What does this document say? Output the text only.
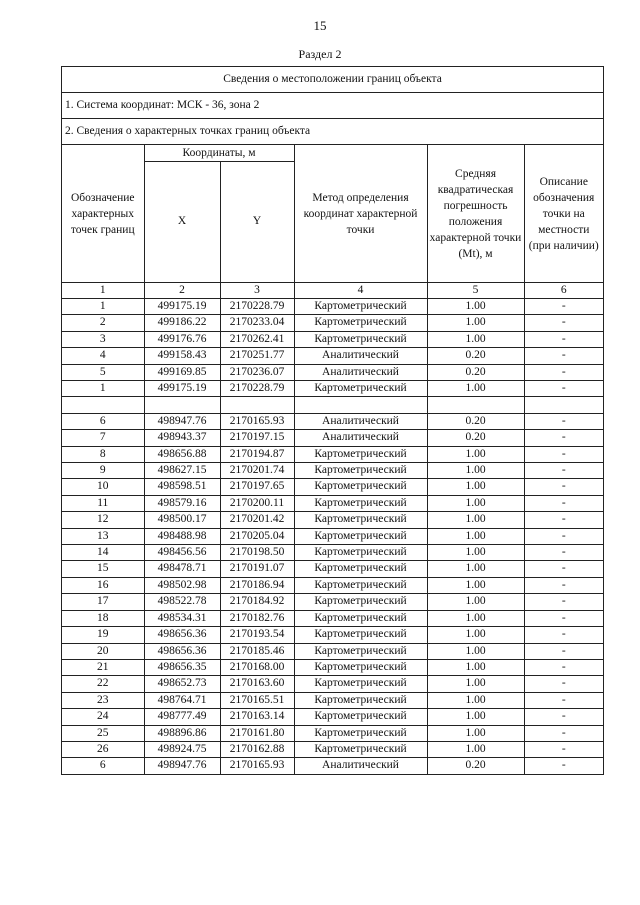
15
Раздел 2
Сведения о местоположении границ объекта
1. Система координат: МСК - 36, зона 2
2. Сведения о характерных точках границ объекта
Обозначение характерных точек границ	Координаты, м		Метод определения координат характерной точки	Средняя квадратическая погрешность положения характерной точки (Mt), м	Описание обозначения точки на местности (при наличии)
	X	Y			
1	2	3	4	5	6
1	499175.19	2170228.79	Картометрический	1.00	-
2	499186.22	2170233.04	Картометрический	1.00	-
3	499176.76	2170262.41	Картометрический	1.00	-
4	499158.43	2170251.77	Аналитический	0.20	-
5	499169.85	2170236.07	Аналитический	0.20	-
1	499175.19	2170228.79	Картометрический	1.00	-

6	498947.76	2170165.93	Аналитический	0.20	-
7	498943.37	2170197.15	Аналитический	0.20	-
8	498656.88	2170194.87	Картометрический	1.00	-
9	498627.15	2170201.74	Картометрический	1.00	-
10	498598.51	2170197.65	Картометрический	1.00	-
11	498579.16	2170200.11	Картометрический	1.00	-
12	498500.17	2170201.42	Картометрический	1.00	-
13	498488.98	2170205.04	Картометрический	1.00	-
14	498456.56	2170198.50	Картометрический	1.00	-
15	498478.71	2170191.07	Картометрический	1.00	-
16	498502.98	2170186.94	Картометрический	1.00	-
17	498522.78	2170184.92	Картометрический	1.00	-
18	498534.31	2170182.76	Картометрический	1.00	-
19	498656.36	2170193.54	Картометрический	1.00	-
20	498656.36	2170185.46	Картометрический	1.00	-
21	498656.35	2170168.00	Картометрический	1.00	-
22	498652.73	2170163.60	Картометрический	1.00	-
23	498764.71	2170165.51	Картометрический	1.00	-
24	498777.49	2170163.14	Картометрический	1.00	-
25	498896.86	2170161.80	Картометрический	1.00	-
26	498924.75	2170162.88	Картометрический	1.00	-
6	498947.76	2170165.93	Аналитический	0.20	-
